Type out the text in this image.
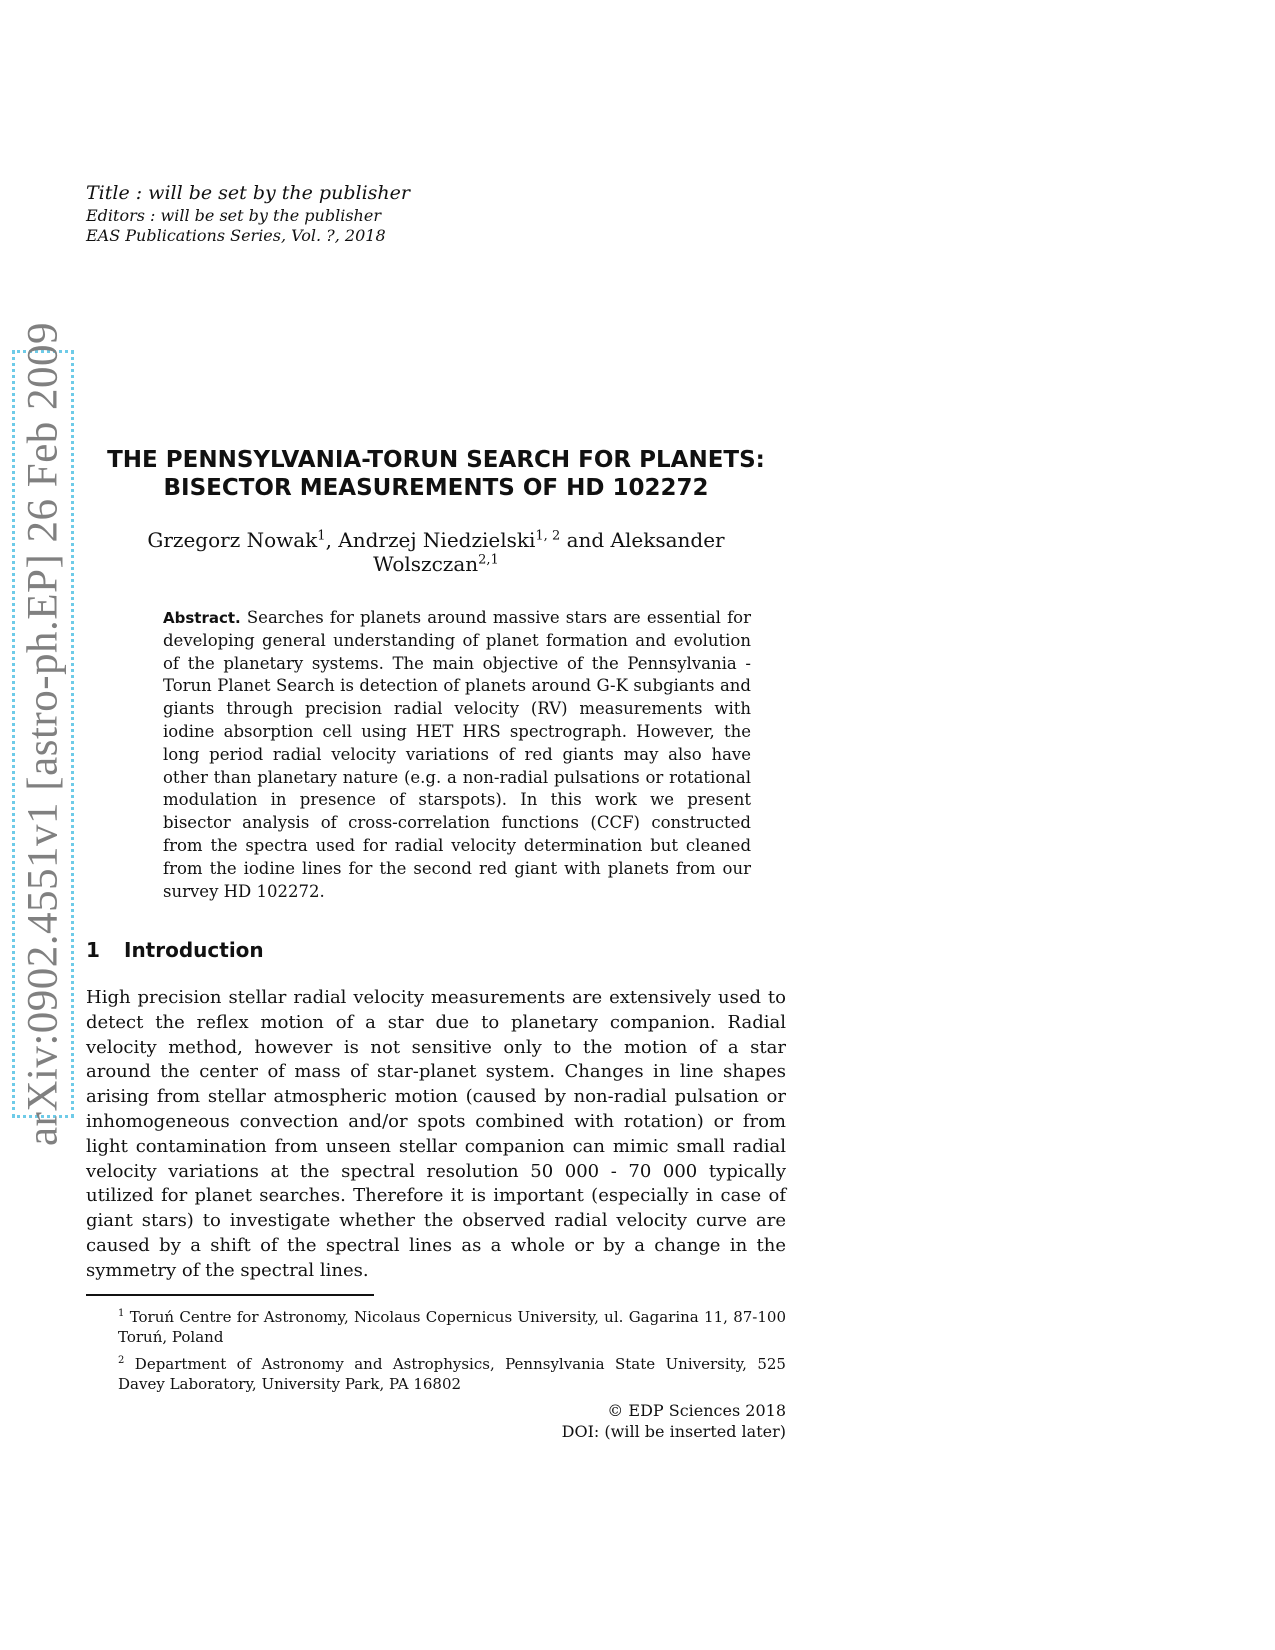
Title : will be set by the publisher
Editors : will be set by the publisher
EAS Publications Series, Vol. ?, 2018
arXiv:0902.4551v1 [astro-ph.EP] 26 Feb 2009	THE PENNSYLVANIA-TORUN SEARCH FOR PLANETS:
BISECTOR MEASUREMENTS OF HD 102272
Grzegorz Nowak$^1$, Andrzej Niedzielski$^{1, 2}$ and Aleksander Wolszczan$^{2,1}$
Abstract. Searches for planets around massive stars are essential for developing general understanding of planet formation and evolution of the planetary systems. The main objective of the Pennsylvania - Torun Planet Search is detection of planets around G-K subgiants and giants through precision radial velocity (RV) measurements with iodine absorption cell using HET HRS spectrograph. However, the long period radial velocity variations of red giants may also have other than planetary nature (e.g. a non-radial pulsations or rotational modulation in presence of starspots). In this work we present bisector analysis of cross-correlation functions (CCF) constructed from the spectra used for radial velocity determination but cleaned from the iodine lines for the second red giant with planets from our survey HD 102272.
1 Introduction
High precision stellar radial velocity measurements are extensively used to detect the reflex motion of a star due to planetary companion. Radial velocity method, however is not sensitive only to the motion of a star around the center of mass of star-planet system. Changes in line shapes arising from stellar atmospheric motion (caused by non-radial pulsation or inhomogeneous convection and/or spots combined with rotation) or from light contamination from unseen stellar companion can mimic small radial velocity variations at the spectral resolution 50 000 - 70 000 typically utilized for planet searches. Therefore it is important (especially in case of giant stars) to investigate whether the observed radial velocity curve are caused by a shift of the spectral lines as a whole or by a change in the symmetry of the spectral lines.
$^1$ Toruń Centre for Astronomy, Nicolaus Copernicus University, ul. Gagarina 11, 87-100 Toruń, Poland
$^2$ Department of Astronomy and Astrophysics, Pennsylvania State University, 525 Davey Laboratory, University Park, PA 16802
© EDP Sciences 2018
DOI: (will be inserted later)
